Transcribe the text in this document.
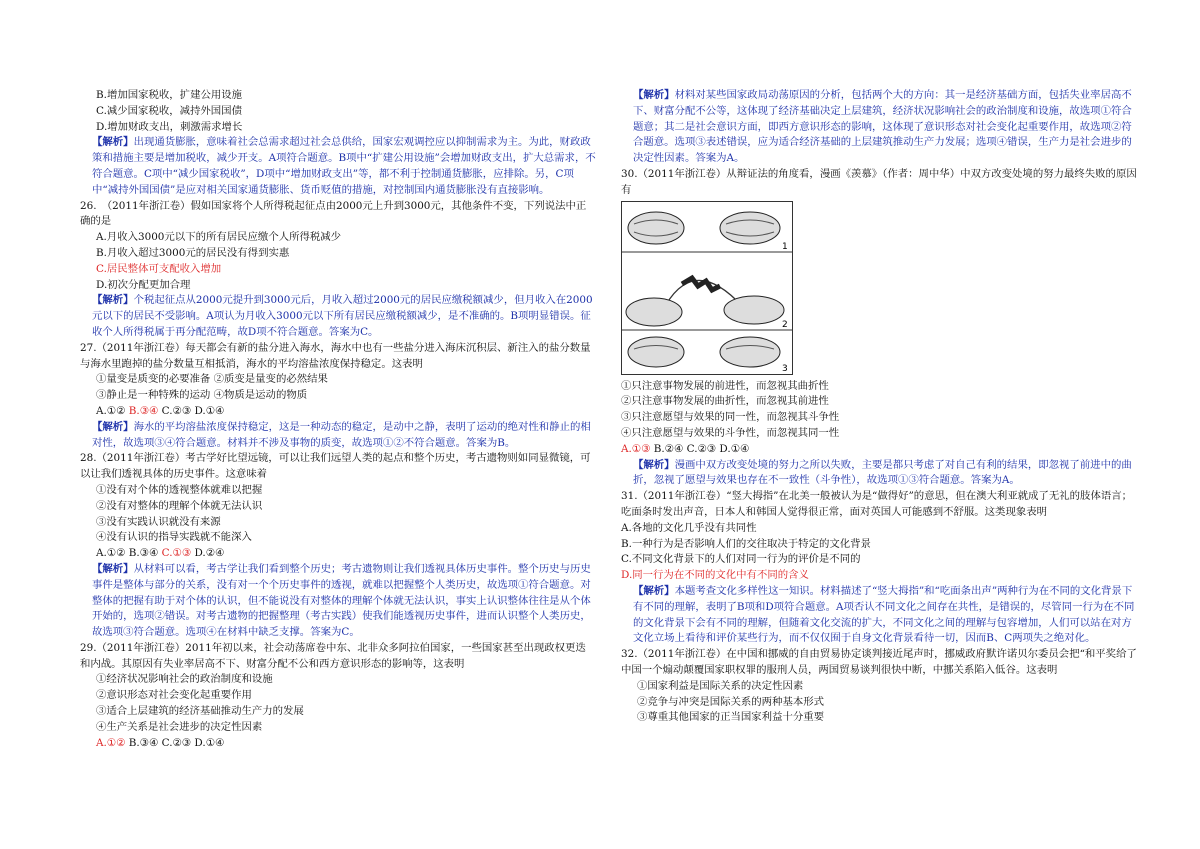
B.增加国家税收，扩建公用设施

C.减少国家税收，减持外国国债

D.增加财政支出，刺激需求增长

【解析】出现通货膨胀，意味着社会总需求超过社会总供给，国家宏观调控应以抑制需求为主。为此，财政政策和措施主要是增加税收，减少开支。A项符合题意。B项中“扩建公用设施”会增加财政支出，扩大总需求，不符合题意。C项中“减少国家税收”，D项中“增加财政支出”等，都不利于控制通货膨胀，应排除。另，C项中“减持外国国债”是应对相关国家通货膨胀、货币贬值的措施，对控制国内通货膨胀没有直接影响。

26.　（2011年浙江卷）假如国家将个人所得税起征点由2000元上升到3000元，其他条件不变，下列说法中正确的是

A.月收入3000元以下的所有居民应缴个人所得税减少

B.月收入超过3000元的居民没有得到实惠

C.居民整体可支配收入增加

D.初次分配更加合理

【解析】个税起征点从2000元提升到3000元后，月收入超过2000元的居民应缴税额减少，但月收入在2000元以下的居民不受影响。A项认为月收入3000元以下所有居民应缴税额减少，是不准确的。B项明显错误。征收个人所得税属于再分配范畴，故D项不符合题意。答案为C。

27.（2011年浙江卷）每天都会有新的盐分进入海水，海水中也有一些盐分进入海床沉积层、新注入的盐分数量与海水里跑掉的盐分数量互相抵消，海水的平均溶盐浓度保持稳定。这表明

①量变是质变的必要准备 ②质变是量变的必然结果

③静止是一种特殊的运动 ④物质是运动的物质

A.①② B.③④ C.②③ D.①④

【解析】海水的平均溶盐浓度保持稳定，这是一种动态的稳定，是动中之静，表明了运动的绝对性和静止的相对性，故选项③④符合题意。材料并不涉及事物的质变，故选项①②不符合题意。答案为B。

28.（2011年浙江卷）考古学好比望远镜，可以让我们远望人类的起点和整个历史，考古遗物则如同显微镜，可以让我们透视具体的历史事件。这意味着

①没有对个体的透视整体就难以把握

②没有对整体的理解个体就无法认识

③没有实践认识就没有来源

④没有认识的指导实践就不能深入

A.①② B.③④ C.①③ D.②④

【解析】从材料可以看，考古学让我们看到整个历史；考古遗物则让我们透视具体历史事件。整个历史与历史事件是整体与部分的关系，没有对一个个历史事件的透视，就难以把握整个人类历史，故选项①符合题意。对整体的把握有助于对个体的认识，但不能说没有对整体的理解个体就无法认识，事实上认识整体往往是从个体开始的，选项②错误。对考古遗物的把握整理（考古实践）使我们能透视历史事件，进而认识整个人类历史，故选项③符合题意。选项④在材料中缺乏支撑。答案为C。

29.（2011年浙江卷）2011年初以来，社会动荡席卷中东、北非众多阿拉伯国家，一些国家甚至出现政权更迭和内战。其原因有失业率居高不下、财富分配不公和西方意识形态的影响等，这表明

①经济状况影响社会的政治制度和设施

②意识形态对社会变化起重要作用

③适合上层建筑的经济基础推动生产力的发展

④生产关系是社会进步的决定性因素

A.①② B.③④ C.②③ D.①④

【解析】材料对某些国家政局动荡原因的分析，包括两个大的方向：其一是经济基础方面，包括失业率居高不下、财富分配不公等，这体现了经济基础决定上层建筑，经济状况影响社会的政治制度和设施，故选项①符合题意；其二是社会意识方面，即西方意识形态的影响，这体现了意识形态对社会变化起重要作用，故选项②符合题意。选项③表述错误，应为适合经济基础的上层建筑推动生产力发展；选项④错误，生产力是社会进步的决定性因素。答案为A。

30.（2011年浙江卷）从辩证法的角度看，漫画《羡慕》（作者：周中华）中双方改变处境的努力最终失败的原因有

1
2
3

①只注意事物发展的前进性，而忽视其曲折性

②只注意事物发展的曲折性，而忽视其前进性

③只注意愿望与效果的同一性，而忽视其斗争性

④只注意愿望与效果的斗争性，而忽视其同一性

A.①③ B.②④ C.②③ D.①④

【解析】漫画中双方改变处境的努力之所以失败，主要是都只考虑了对自己有利的结果，即忽视了前进中的曲折，忽视了愿望与效果也存在不一致性（斗争性），故选项①③符合题意。答案为A。

31.（2011年浙江卷）“竖大拇指”在北美一般被认为是“做得好”的意思，但在澳大利亚就成了无礼的肢体语言；吃面条时发出声音，日本人和韩国人觉得很正常，面对英国人可能感到不舒服。这类现象表明

A.各地的文化几乎没有共同性

B.一种行为是否影响人们的交往取决于特定的文化背景

C.不同文化背景下的人们对同一行为的评价是不同的

D.同一行为在不同的文化中有不同的含义

【解析】本题考查文化多样性这一知识。材料描述了“竖大拇指”和“吃面条出声”两种行为在不同的文化背景下有不同的理解，表明了B项和D项符合题意。A项否认不同文化之间存在共性，是错误的，尽管同一行为在不同的文化背景下会有不同的理解，但随着文化交流的扩大，不同文化之间的理解与包容增加，人们可以站在对方文化立场上看待和评价某些行为，而不仅仅囿于自身文化背景看待一切，因而B、C两项失之绝对化。

32.（2011年浙江卷）在中国和挪威的自由贸易协定谈判接近尾声时，挪威政府默许诺贝尔委员会把“和平奖给了中国一个煽动颠覆国家职权罪的服刑人员，两国贸易谈判很快中断，中挪关系陷入低谷。这表明

①国家利益是国际关系的决定性因素

②竞争与冲突是国际关系的两种基本形式

③尊重其他国家的正当国家利益十分重要
